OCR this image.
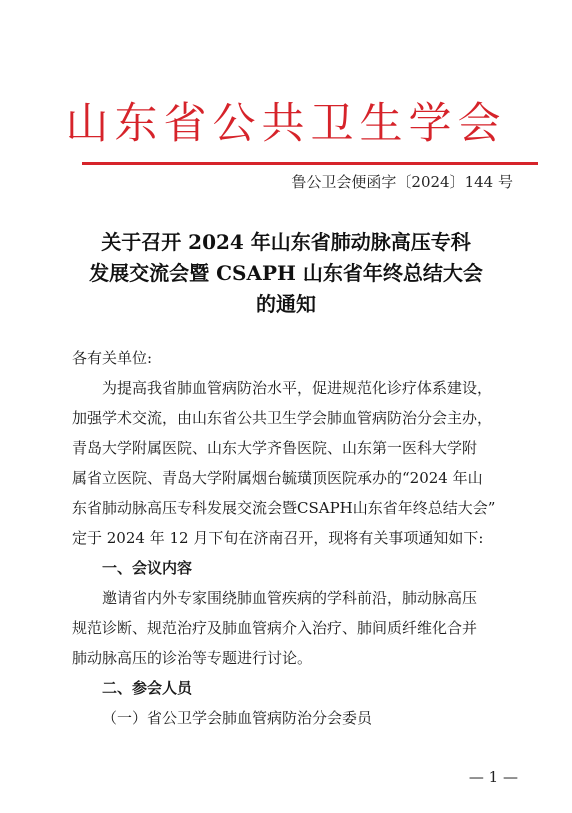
山东省公共卫生学会
鲁公卫会便函字〔2024〕144 号
关于召开 2024 年山东省肺动脉高压专科
发展交流会暨 CSAPH 山东省年终总结大会
的通知
各有关单位:
为提高我省肺血管病防治水平，促进规范化诊疗体系建设，
加强学术交流，由山东省公共卫生学会肺血管病防治分会主办，
青岛大学附属医院、山东大学齐鲁医院、山东第一医科大学附
属省立医院、青岛大学附属烟台毓璜顶医院承办的“2024 年山
东省肺动脉高压专科发展交流会暨CSAPH山东省年终总结大会”
定于 2024 年 12 月下旬在济南召开，现将有关事项通知如下:
一、会议内容
邀请省内外专家围绕肺血管疾病的学科前沿，肺动脉高压
规范诊断、规范治疗及肺血管病介入治疗、肺间质纤维化合并
肺动脉高压的诊治等专题进行讨论。
二、参会人员
（一）省公卫学会肺血管病防治分会委员
— 1 —
